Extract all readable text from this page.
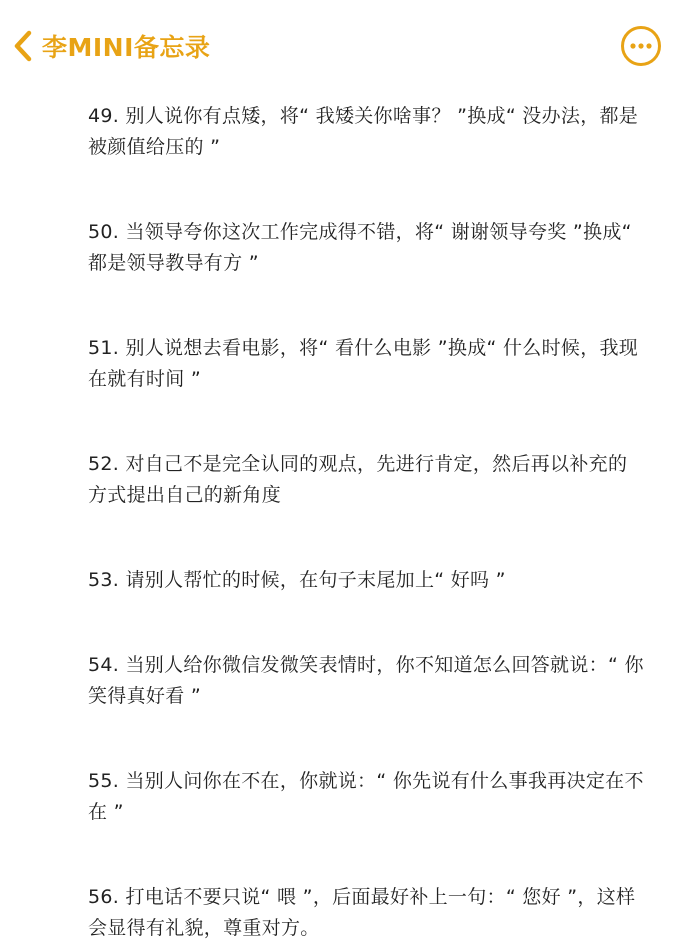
李MINI备忘录
49. 别人说你有点矮，将“ 我矮关你啥事？ ”换成“ 没办法，都是被颜值给压的 ”
50. 当领导夸你这次工作完成得不错，将“ 谢谢领导夸奖 ”换成“ 都是领导教导有方 ”
51. 别人说想去看电影，将“ 看什么电影 ”换成“ 什么时候，我现在就有时间 ”
52. 对自己不是完全认同的观点，先进行肯定，然后再以补充的方式提出自己的新角度
53. 请别人帮忙的时候，在句子末尾加上“ 好吗 ”
54. 当别人给你微信发微笑表情时，你不知道怎么回答就说：“ 你笑得真好看 ”
55. 当别人问你在不在，你就说：“ 你先说有什么事我再决定在不在 ”
56. 打电话不要只说“ 喂 ”，后面最好补上一句：“ 您好 ”，这样会显得有礼貌，尊重对方。
